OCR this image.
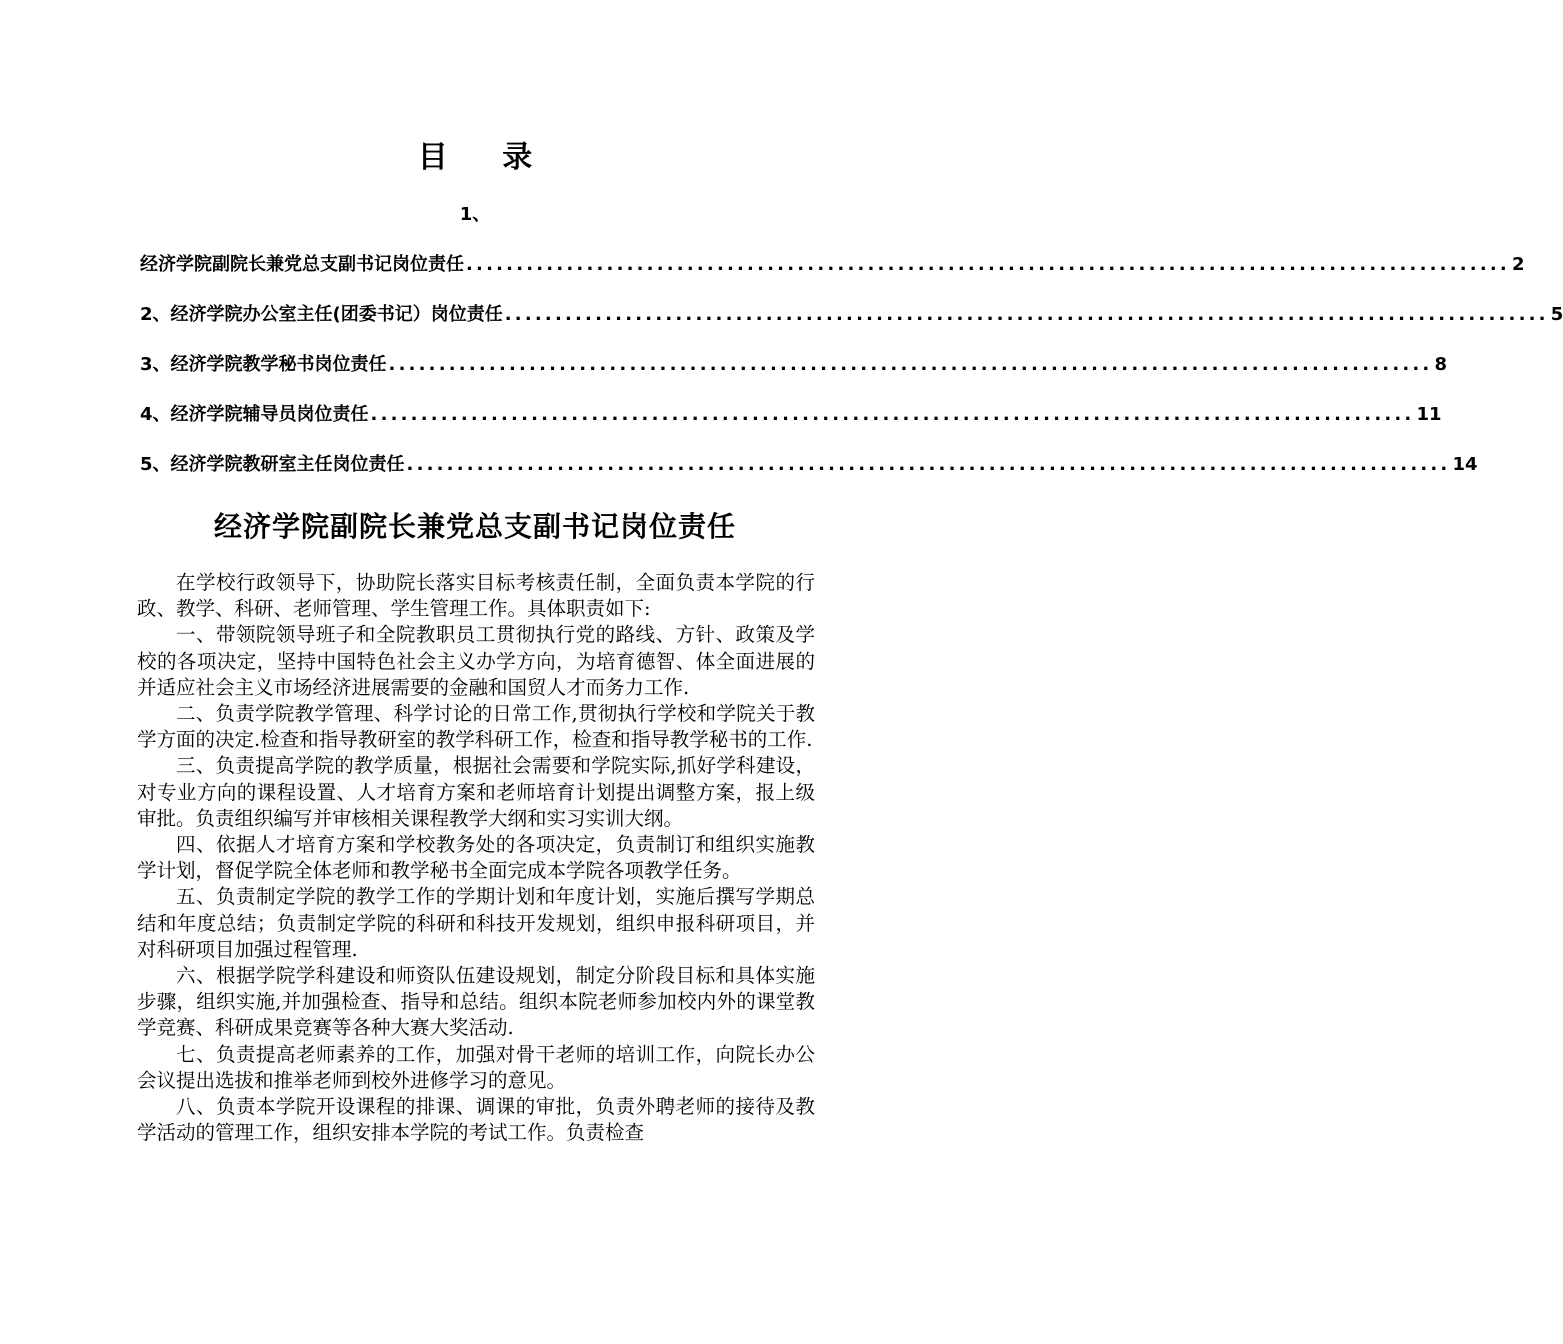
目 录
1、
经济学院副院长兼党总支副书记岗位责任 ........................................................................................................ 2
2、经济学院办公室主任(团委书记）岗位责任 ........................................................................................................ 5
3、经济学院教学秘书岗位责任 ........................................................................................................ 8
4、经济学院辅导员岗位责任 ........................................................................................................ 11
5、经济学院教研室主任岗位责任 ........................................................................................................ 14
经济学院副院长兼党总支副书记岗位责任

在学校行政领导下，协助院长落实目标考核责任制，全面负责本学院的行政、教学、科研、老师管理、学生管理工作。具体职责如下:

一、带领院领导班子和全院教职员工贯彻执行党的路线、方针、政策及学校的各项决定，坚持中国特色社会主义办学方向，为培育德智、体全面进展的并适应社会主义市场经济进展需要的金融和国贸人才而务力工作.

二、负责学院教学管理、科学讨论的日常工作,贯彻执行学校和学院关于教学方面的决定.检查和指导教研室的教学科研工作，检查和指导教学秘书的工作.

三、负责提高学院的教学质量，根据社会需要和学院实际,抓好学科建设，对专业方向的课程设置、人才培育方案和老师培育计划提出调整方案，报上级审批。负责组织编写并审核相关课程教学大纲和实习实训大纲。

四、依据人才培育方案和学校教务处的各项决定，负责制订和组织实施教学计划，督促学院全体老师和教学秘书全面完成本学院各项教学任务。

五、负责制定学院的教学工作的学期计划和年度计划，实施后撰写学期总结和年度总结；负责制定学院的科研和科技开发规划，组织申报科研项目，并对科研项目加强过程管理.

六、根据学院学科建设和师资队伍建设规划，制定分阶段目标和具体实施步骤，组织实施,并加强检查、指导和总结。组织本院老师参加校内外的课堂教学竞赛、科研成果竞赛等各种大赛大奖活动.

七、负责提高老师素养的工作，加强对骨干老师的培训工作，向院长办公会议提出选拔和推举老师到校外进修学习的意见。

八、负责本学院开设课程的排课、调课的审批，负责外聘老师的接待及教学活动的管理工作，组织安排本学院的考试工作。负责检查
